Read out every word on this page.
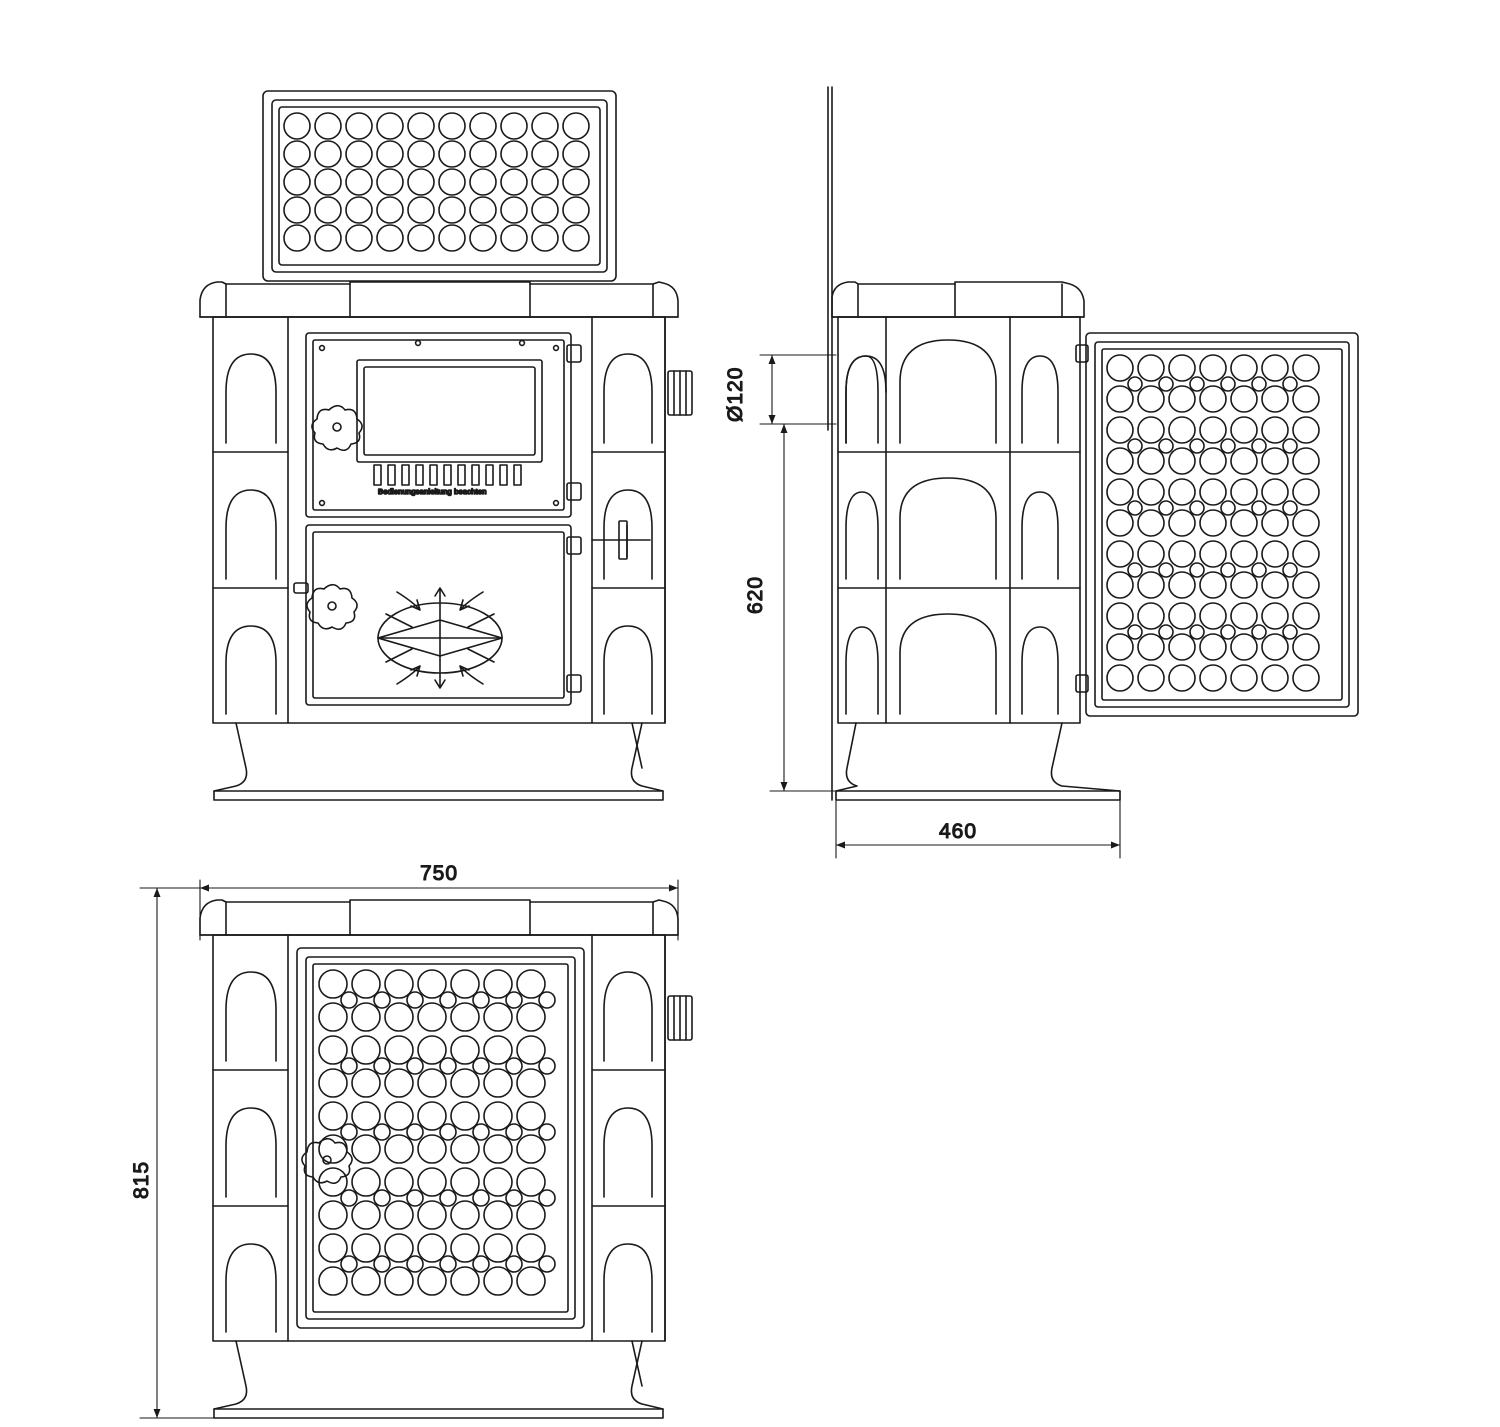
Bedienungsanleitung beachten
Ø120
620
460
750
815
